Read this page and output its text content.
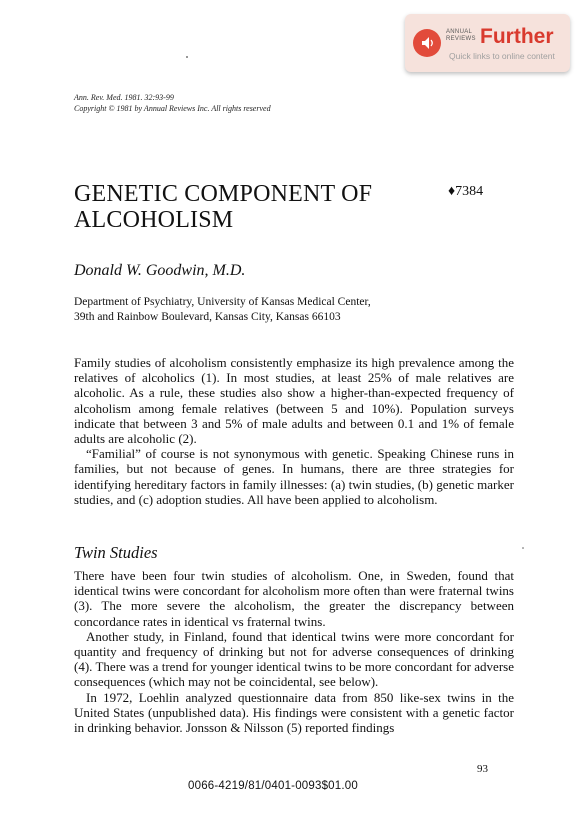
ANNUAL
REVIEWS Further
Quick links to online content
Ann. Rev. Med. 1981. 32:93-99
Copyright © 1981 by Annual Reviews Inc. All rights reserved
GENETIC COMPONENT OF
ALCOHOLISM
♦7384
Donald W. Goodwin, M.D.
Department of Psychiatry, University of Kansas Medical Center,
39th and Rainbow Boulevard, Kansas City, Kansas 66103

Family studies of alcoholism consistently emphasize its high prevalence among the relatives of alcoholics (1). In most studies, at least 25% of male relatives are alcoholic. As a rule, these studies also show a higher-than-expected frequency of alcoholism among female relatives (between 5 and 10%). Population surveys indicate that between 3 and 5% of male adults and between 0.1 and 1% of female adults are alcoholic (2).

“Familial” of course is not synonymous with genetic. Speaking Chinese runs in families, but not because of genes. In humans, there are three strategies for identifying hereditary factors in family illnesses: (a) twin studies, (b) genetic marker studies, and (c) adoption studies. All have been applied to alcoholism.

Twin Studies

There have been four twin studies of alcoholism. One, in Sweden, found that identical twins were concordant for alcoholism more often than were fraternal twins (3). The more severe the alcoholism, the greater the discrepancy between concordance rates in identical vs fraternal twins.

Another study, in Finland, found that identical twins were more concordant for quantity and frequency of drinking but not for adverse consequences of drinking (4). There was a trend for younger identical twins to be more concordant for adverse consequences (which may not be coincidental, see below).

In 1972, Loehlin analyzed questionnaire data from 850 like-sex twins in the United States (unpublished data). His findings were consistent with a genetic factor in drinking behavior. Jonsson & Nilsson (5) reported findings

93
0066-4219/81/0401-0093$01.00
